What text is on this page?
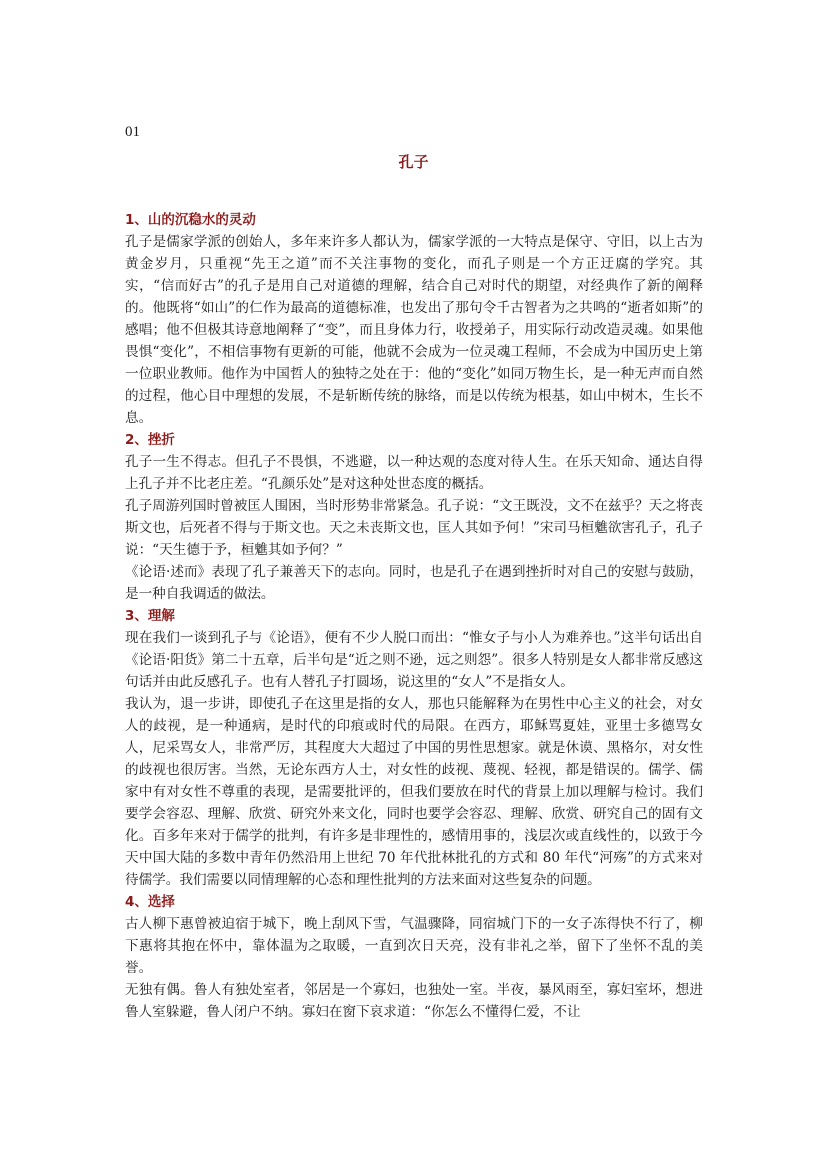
01
孔子
1、山的沉稳水的灵动

孔子是儒家学派的创始人，多年来许多人都认为，儒家学派的一大特点是保守、守旧，以上古为黄金岁月，只重视“先王之道”而不关注事物的变化，而孔子则是一个方正迂腐的学究。其实，“信而好古”的孔子是用自己对道德的理解，结合自己对时代的期望，对经典作了新的阐释的。他既将“如山”的仁作为最高的道德标准，也发出了那句令千古智者为之共鸣的“逝者如斯”的感唱；他不但极其诗意地阐释了“变”，而且身体力行，收授弟子，用实际行动改造灵魂。如果他畏惧“变化”，不相信事物有更新的可能，他就不会成为一位灵魂工程师，不会成为中国历史上第一位职业教师。他作为中国哲人的独特之处在于：他的“变化”如同万物生长，是一种无声而自然的过程，他心目中理想的发展，不是斩断传统的脉络，而是以传统为根基，如山中树木，生长不息。

2、挫折

孔子一生不得志。但孔子不畏惧，不逃避，以一种达观的态度对待人生。在乐天知命、通达自得上孔子并不比老庄差。“孔颜乐处”是对这种处世态度的概括。

孔子周游列国时曾被匡人围困，当时形势非常紧急。孔子说：“文王既没，文不在兹乎？天之将丧斯文也，后死者不得与于斯文也。天之未丧斯文也，匡人其如予何！”宋司马桓魋欲害孔子，孔子说：“天生德于予，桓魋其如予何？”

《论语·述而》表现了孔子兼善天下的志向。同时，也是孔子在遇到挫折时对自己的安慰与鼓励，是一种自我调适的做法。

3、理解

现在我们一谈到孔子与《论语》，便有不少人脱口而出：“惟女子与小人为难养也。”这半句话出自《论语·阳货》第二十五章，后半句是“近之则不逊，远之则怨”。很多人特别是女人都非常反感这句话并由此反感孔子。也有人替孔子打圆场，说这里的“女人”不是指女人。

我认为，退一步讲，即使孔子在这里是指的女人，那也只能解释为在男性中心主义的社会，对女人的歧视，是一种通病，是时代的印痕或时代的局限。在西方，耶稣骂夏娃，亚里士多德骂女人，尼采骂女人，非常严厉，其程度大大超过了中国的男性思想家。就是休谟、黑格尔，对女性的歧视也很厉害。当然，无论东西方人士，对女性的歧视、蔑视、轻视，都是错误的。儒学、儒家中有对女性不尊重的表现，是需要批评的，但我们要放在时代的背景上加以理解与检讨。我们要学会容忍、理解、欣赏、研究外来文化，同时也要学会容忍、理解、欣赏、研究自己的固有文化。百多年来对于儒学的批判，有许多是非理性的，感情用事的，浅层次或直线性的，以致于今天中国大陆的多数中青年仍然沿用上世纪 70 年代批林批孔的方式和 80 年代“河殇”的方式来对待儒学。我们需要以同情理解的心态和理性批判的方法来面对这些复杂的问题。

4、选择

古人柳下惠曾被迫宿于城下，晚上刮风下雪，气温骤降，同宿城门下的一女子冻得快不行了，柳下惠将其抱在怀中，靠体温为之取暖，一直到次日天亮，没有非礼之举，留下了坐怀不乱的美誉。

无独有偶。鲁人有独处室者，邻居是一个寡妇，也独处一室。半夜，暴风雨至，寡妇室坏，想进鲁人室躲避，鲁人闭户不纳。寡妇在窗下哀求道：“你怎么不懂得仁爱，不让
